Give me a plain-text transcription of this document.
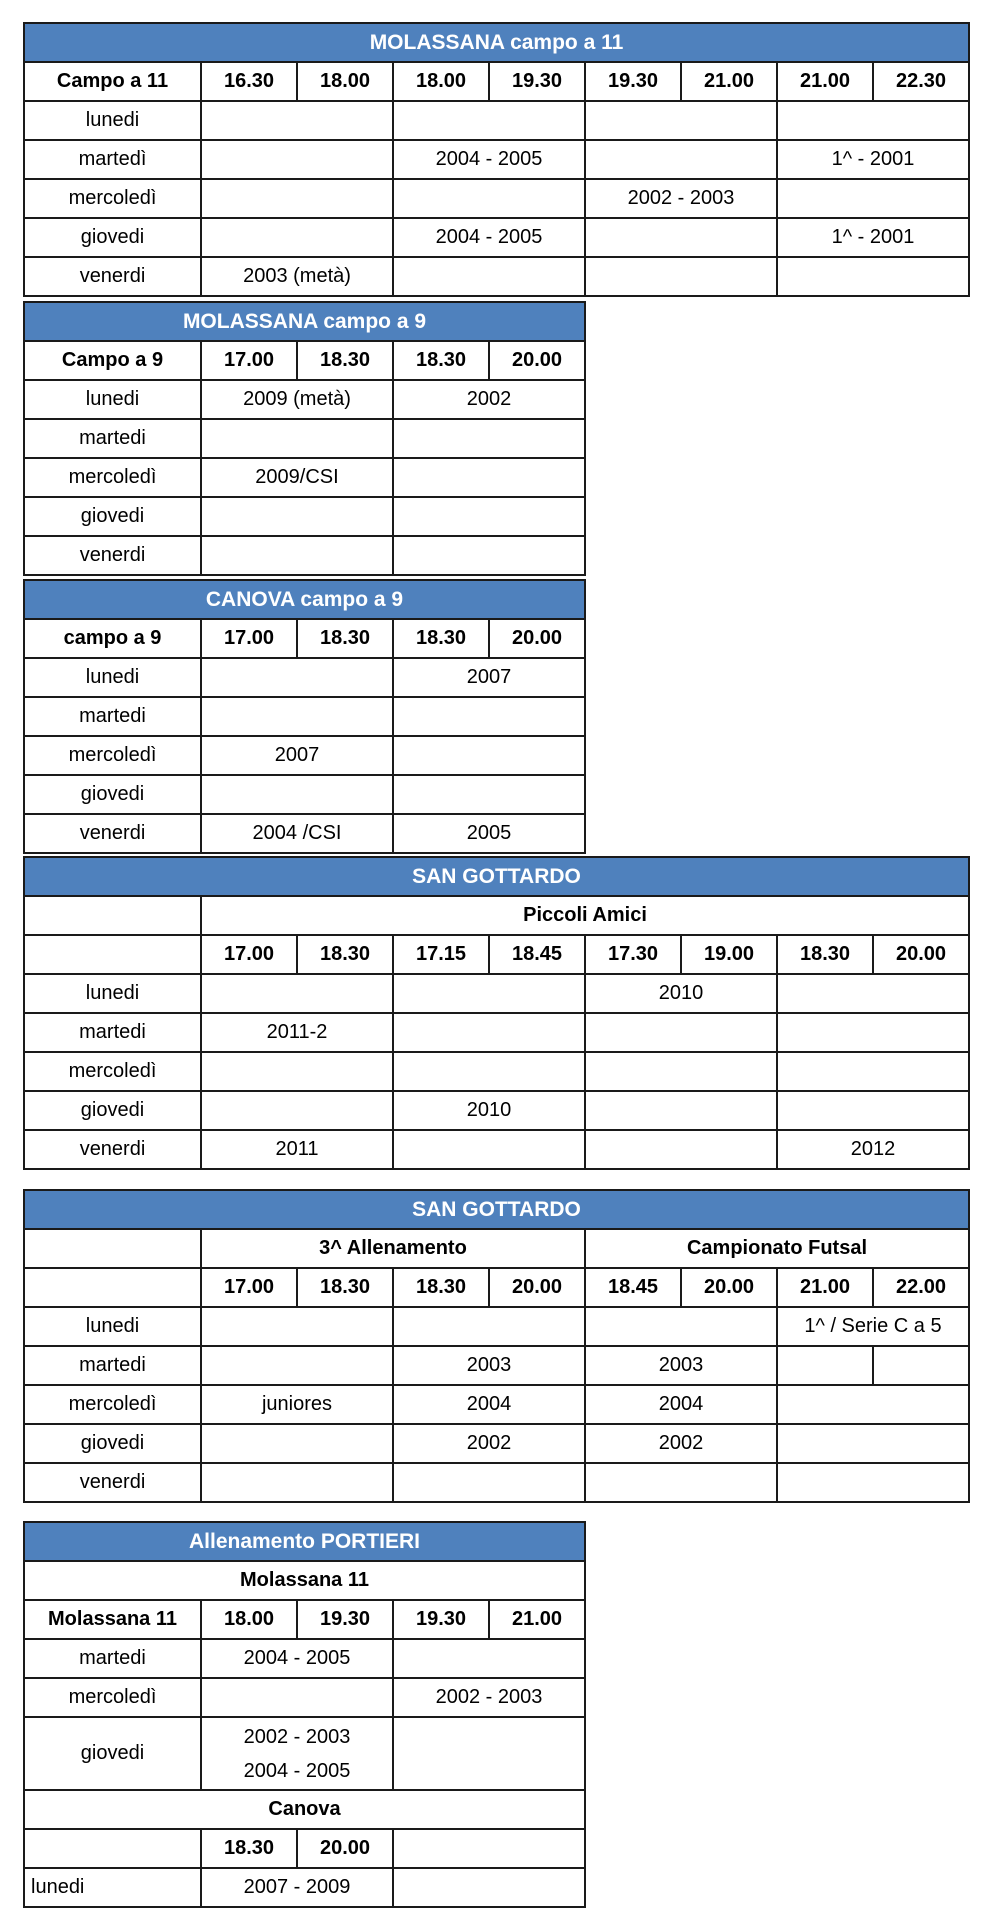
MOLASSANA campo a 11								
Campo a 11	16.30	18.00	18.00	19.30	19.30	21.00	21.00	22.30
lunedi								
martedì			2004 - 2005				1^ - 2001	
mercoledì					2002 - 2003			
giovedi			2004 - 2005				1^ - 2001	
venerdi	2003 (metà)							
MOLASSANA campo a 9				
Campo a 9	17.00	18.30	18.30	20.00
lunedi	2009 (metà)		2002	
martedi				
mercoledì	2009/CSI			
giovedi				
venerdi				
CANOVA campo a 9				
campo a 9	17.00	18.30	18.30	20.00
lunedi			2007	
martedi				
mercoledì	2007			
giovedi				
venerdi	2004 /CSI		2005	
SAN GOTTARDO								
	Piccoli Amici							
	17.00	18.30	17.15	18.45	17.30	19.00	18.30	20.00
lunedi					2010			
martedi	2011-2							
mercoledì								
giovedi			2010					
venerdi	2011						2012	
SAN GOTTARDO								
	3^ Allenamento				Campionato Futsal			
	17.00	18.30	18.30	20.00	18.45	20.00	21.00	22.00
lunedi							1^ / Serie C a 5	
martedi			2003		2003			
mercoledì	juniores		2004		2004			
giovedi			2002		2002			
venerdi								
Allenamento PORTIERI				
Molassana 11				
Molassana 11	18.00	19.30	19.30	21.00
martedi	2004 - 2005			
mercoledì			2002 - 2003	
giovedi	2002 - 2003
2004 - 2005			

Canova				
	18.30	20.00		
lunedi	2007 - 2009			
